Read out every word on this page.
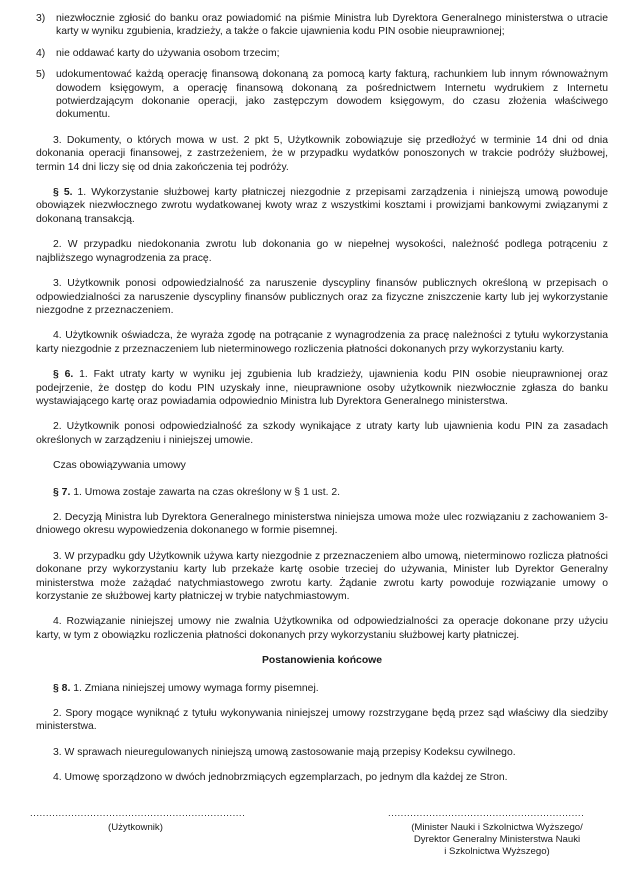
3)	niezwłocznie zgłosić do banku oraz powiadomić na piśmie Ministra lub Dyrektora Generalnego ministerstwa o utracie karty w wyniku zgubienia, kradzieży, a także o fakcie ujawnienia kodu PIN osobie nieuprawnionej;
4)	nie oddawać karty do używania osobom trzecim;
5)	udokumentować każdą operację finansową dokonaną za pomocą karty fakturą, rachunkiem lub innym równoważnym dowodem księgowym, a operację finansową dokonaną za pośrednictwem Internetu wydrukiem z Internetu potwierdzającym dokonanie operacji, jako zastępczym dowodem księgowym, do czasu złożenia właściwego dokumentu.

3. Dokumenty, o których mowa w ust. 2 pkt 5, Użytkownik zobowiązuje się przedłożyć w terminie 14 dni od dnia dokonania operacji finansowej, z zastrzeżeniem, że w przypadku wydatków ponoszonych w trakcie podróży służbowej, termin 14 dni liczy się od dnia zakończenia tej podróży.

§ 5. 1. Wykorzystanie służbowej karty płatniczej niezgodnie z przepisami zarządzenia i niniejszą umową powoduje obowiązek niezwłocznego zwrotu wydatkowanej kwoty wraz z wszystkimi kosztami i prowizjami bankowymi związanymi z dokonaną transakcją.

2. W przypadku niedokonania zwrotu lub dokonania go w niepełnej wysokości, należność podlega potrąceniu z najbliższego wynagrodzenia za pracę.

3. Użytkownik ponosi odpowiedzialność za naruszenie dyscypliny finansów publicznych określoną w przepisach o odpowiedzialności za naruszenie dyscypliny finansów publicznych oraz za fizyczne zniszczenie karty lub jej wykorzystanie niezgodne z przeznaczeniem.

4. Użytkownik oświadcza, że wyraża zgodę na potrącanie z wynagrodzenia za pracę należności z tytułu wykorzystania karty niezgodnie z przeznaczeniem lub nieterminowego rozliczenia płatności dokonanych przy wykorzystaniu karty.

§ 6. 1. Fakt utraty karty w wyniku jej zgubienia lub kradzieży, ujawnienia kodu PIN osobie nieuprawnionej oraz podejrzenie, że dostęp do kodu PIN uzyskały inne, nieuprawnione osoby użytkownik niezwłocznie zgłasza do banku wystawiającego kartę oraz powiadamia odpowiednio Ministra lub Dyrektora Generalnego ministerstwa.

2. Użytkownik ponosi odpowiedzialność za szkody wynikające z utraty karty lub ujawnienia kodu PIN za zasadach określonych w zarządzeniu i niniejszej umowie.

Czas obowiązywania umowy

§ 7. 1. Umowa zostaje zawarta na czas określony w § 1 ust. 2.

2. Decyzją Ministra lub Dyrektora Generalnego ministerstwa niniejsza umowa może ulec rozwiązaniu z zachowaniem 3-dniowego okresu wypowiedzenia dokonanego w formie pisemnej.

3. W przypadku gdy Użytkownik używa karty niezgodnie z przeznaczeniem albo umową, nieterminowo rozlicza płatności dokonane przy wykorzystaniu karty lub przekaże kartę osobie trzeciej do używania, Minister lub Dyrektor Generalny ministerstwa może zażądać natychmiastowego zwrotu karty. Żądanie zwrotu karty powoduje rozwiązanie umowy o korzystanie ze służbowej karty płatniczej w trybie natychmiastowym.

4. Rozwiązanie niniejszej umowy nie zwalnia Użytkownika od odpowiedzialności za operacje dokonane przy użyciu karty, w tym z obowiązku rozliczenia płatności dokonanych przy wykorzystaniu służbowej karty płatniczej.

Postanowienia końcowe

§ 8. 1. Zmiana niniejszej umowy wymaga formy pisemnej.

2. Spory mogące wyniknąć z tytułu wykonywania niniejszej umowy rozstrzygane będą przez sąd właściwy dla siedziby ministerstwa.

3. W sprawach nieuregulowanych niniejszą umową zastosowanie mają przepisy Kodeksu cywilnego.

4. Umowę sporządzono w dwóch jednobrzmiących egzemplarzach, po jednym dla każdej ze Stron.

....................................................................
(Użytkownik)
..............................................................
(Minister Nauki i Szkolnictwa Wyższego/
Dyrektor Generalny Ministerstwa Nauki
i Szkolnictwa Wyższego)
